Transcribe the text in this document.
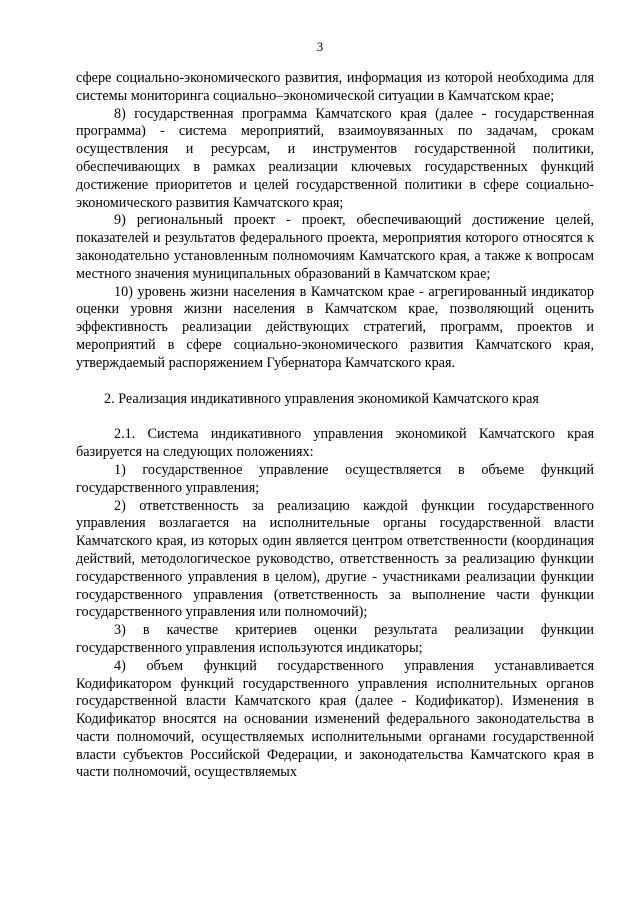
3

сфере социально-экономического развития, информация из которой необходима для системы мониторинга социально–экономической ситуации в Камчатском крае;

8) государственная программа Камчатского края (далее - государственная программа) - система мероприятий, взаимоувязанных по задачам, срокам осуществления и ресурсам, и инструментов государственной политики, обеспечивающих в рамках реализации ключевых государственных функций достижение приоритетов и целей государственной политики в сфере социально-экономического развития Камчатского края;

9) региональный проект - проект, обеспечивающий достижение целей, показателей и результатов федерального проекта, мероприятия которого относятся к законодательно установленным полномочиям Камчатского края, а также к вопросам местного значения муниципальных образований в Камчатском крае;

10) уровень жизни населения в Камчатском крае - агрегированный индикатор оценки уровня жизни населения в Камчатском крае, позволяющий оценить эффективность реализации действующих стратегий, программ, проектов и мероприятий в сфере социально-экономического развития Камчатского края, утверждаемый распоряжением Губернатора Камчатского края.

2. Реализация индикативного управления экономикой Камчатского края

2.1. Система индикативного управления экономикой Камчатского края базируется на следующих положениях:

1) государственное управление осуществляется в объеме функций государственного управления;

2) ответственность за реализацию каждой функции государственного управления возлагается на исполнительные органы государственной власти Камчатского края, из которых один является центром ответственности (координация действий, методологическое руководство, ответственность за реализацию функции государственного управления в целом), другие - участниками реализации функции государственного управления (ответственность за выполнение части функции государственного управления или полномочий);

3) в качестве критериев оценки результата реализации функции государственного управления используются индикаторы;

4) объем функций государственного управления устанавливается Кодификатором функций государственного управления исполнительных органов государственной власти Камчатского края (далее - Кодификатор). Изменения в Кодификатор вносятся на основании изменений федерального законодательства в части полномочий, осуществляемых исполнительными органами государственной власти субъектов Российской Федерации, и законодательства Камчатского края в части полномочий, осуществляемых
